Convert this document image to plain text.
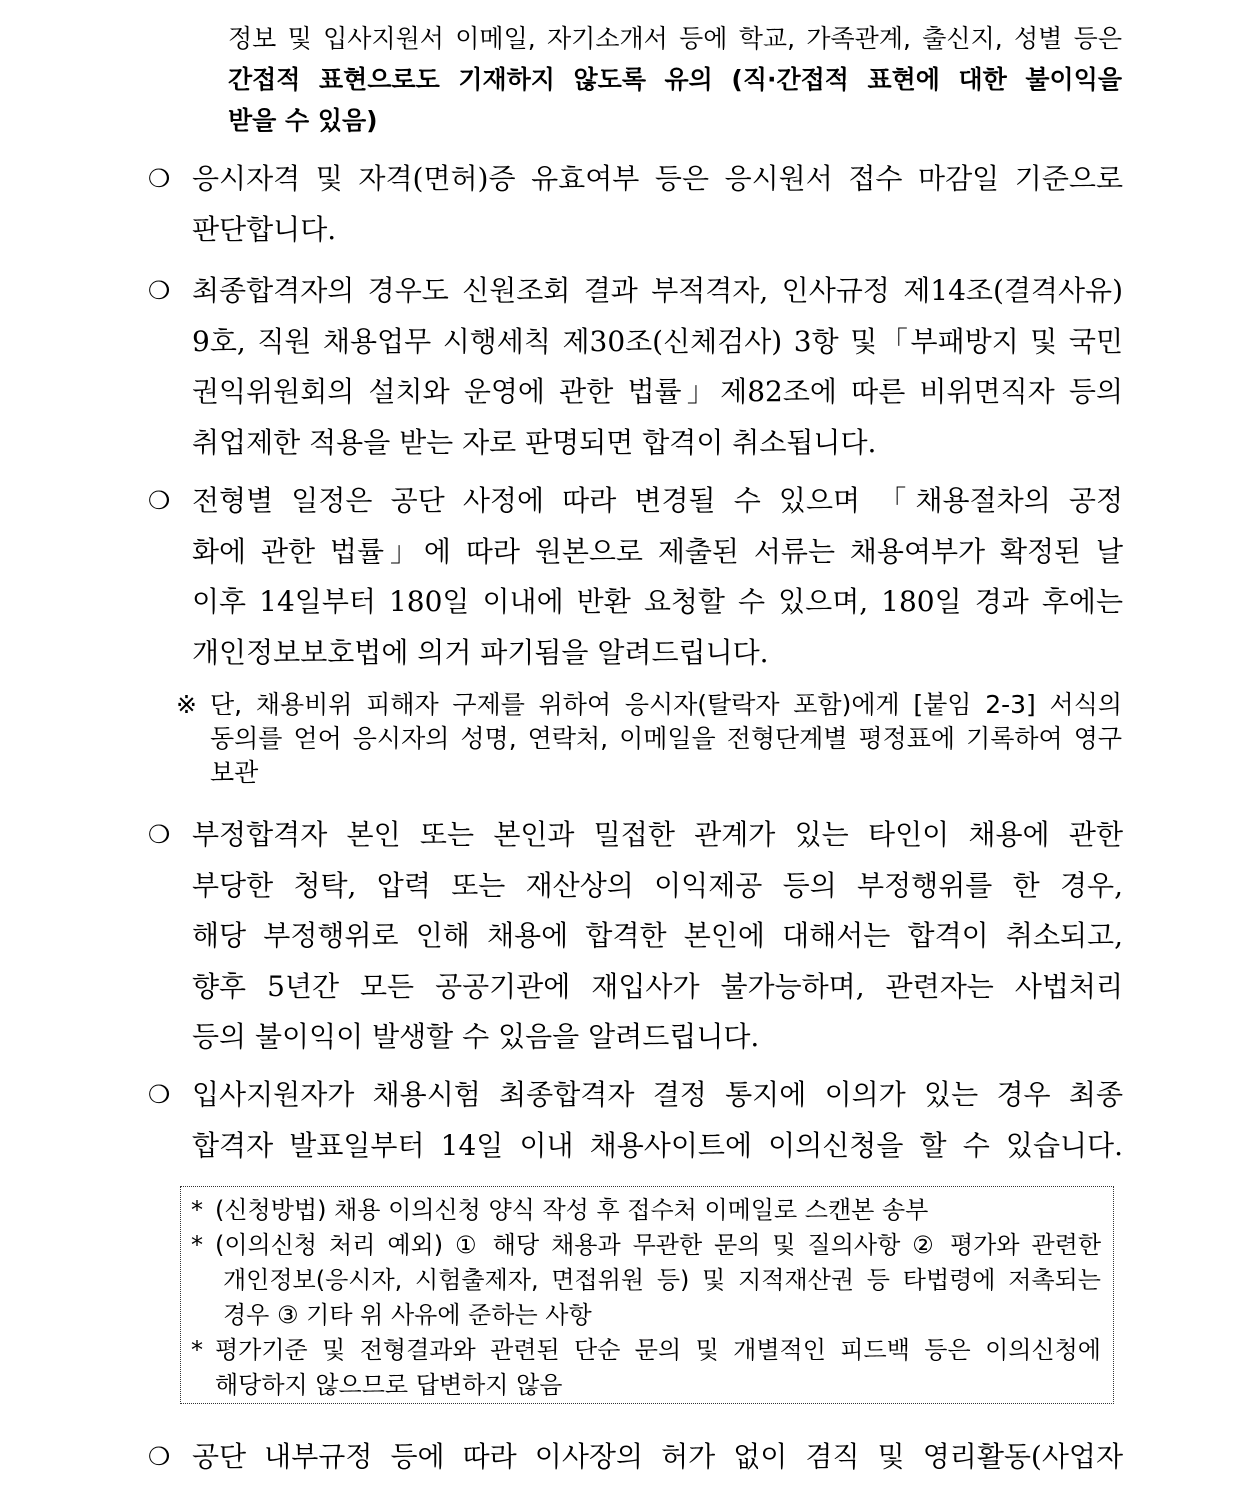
정보 및 입사지원서 이메일, 자기소개서 등에 학교, 가족관계, 출신지, 성별 등은
간접적 표현으로도 기재하지 않도록 유의 (직·간접적 표현에 대한 불이익을
받을 수 있음)
❍ 응시자격 및 자격(면허)증 유효여부 등은 응시원서 접수 마감일 기준으로
판단합니다.
❍ 최종합격자의 경우도 신원조회 결과 부적격자, 인사규정 제14조(결격사유)
9호, 직원 채용업무 시행세칙 제30조(신체검사) 3항 및「부패방지 및 국민
권익위원회의 설치와 운영에 관한 법률」제82조에 따른 비위면직자 등의
취업제한 적용을 받는 자로 판명되면 합격이 취소됩니다.
❍ 전형별 일정은 공단 사정에 따라 변경될 수 있으며 「채용절차의 공정
화에 관한 법률」에 따라 원본으로 제출된 서류는 채용여부가 확정된 날
이후 14일부터 180일 이내에 반환 요청할 수 있으며, 180일 경과 후에는
개인정보보호법에 의거 파기됨을 알려드립니다.
※ 단, 채용비위 피해자 구제를 위하여 응시자(탈락자 포함)에게 [붙임 2-3] 서식의
동의를 얻어 응시자의 성명, 연락처, 이메일을 전형단계별 평정표에 기록하여 영구
보관
❍ 부정합격자 본인 또는 본인과 밀접한 관계가 있는 타인이 채용에 관한
부당한 청탁, 압력 또는 재산상의 이익제공 등의 부정행위를 한 경우,
해당 부정행위로 인해 채용에 합격한 본인에 대해서는 합격이 취소되고,
향후 5년간 모든 공공기관에 재입사가 불가능하며, 관련자는 사법처리
등의 불이익이 발생할 수 있음을 알려드립니다.
❍ 입사지원자가 채용시험 최종합격자 결정 통지에 이의가 있는 경우 최종
합격자 발표일부터 14일 이내 채용사이트에 이의신청을 할 수 있습니다.
* (신청방법) 채용 이의신청 양식 작성 후 접수처 이메일로 스캔본 송부
* (이의신청 처리 예외) ① 해당 채용과 무관한 문의 및 질의사항 ② 평가와 관련한
개인정보(응시자, 시험출제자, 면접위원 등) 및 지적재산권 등 타법령에 저촉되는
경우 ③ 기타 위 사유에 준하는 사항
* 평가기준 및 전형결과와 관련된 단순 문의 및 개별적인 피드백 등은 이의신청에
해당하지 않으므로 답변하지 않음
❍ 공단 내부규정 등에 따라 이사장의 허가 없이 겸직 및 영리활동(사업자
